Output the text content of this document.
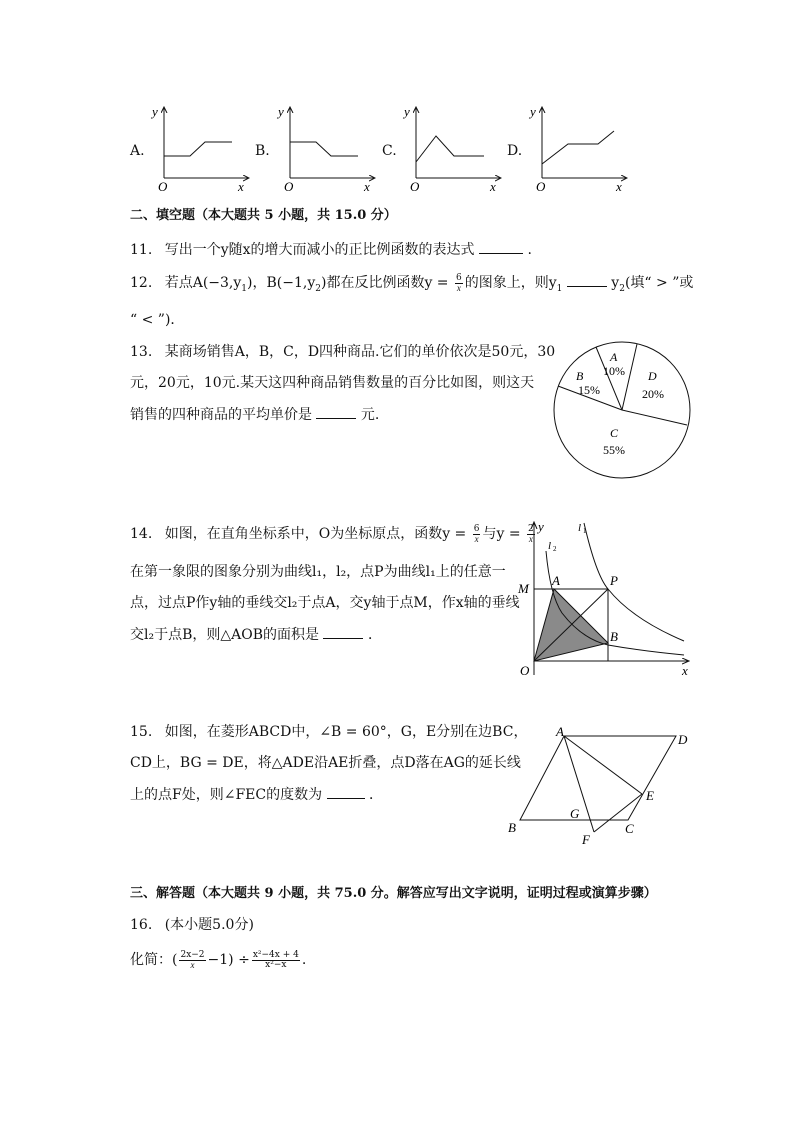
A.	B.	C.	D.
y
x
O
y
x
O
y
x
O
y
x
O
二、填空题（本大题共 5 小题，共 15.0 分）
11. 写出一个y随x的增大而减小的正比例函数的表达式	.
12. 若点$A(-3,y_1)$，$B(-1,y_2)$都在反比例函数$y = \frac{6}{x}$ 的图象上，则$y_1$	$y_2$(填“ > ”或
“ < ”)．
13. 某商场销售A，B，C，D四种商品.它们的单价依次是50元，30
元，20元，10元.某天这四种商品销售数量的百分比如图，则这天
销售的四种商品的平均单价是	元.
A
10% D
20%
C
55%
B
15%
14. 如图，在直角坐标系中，O为坐标原点，函数$y = \frac{6}{x}$ 与$y = \frac{2}{x}$
在第一象限的图象分别为曲线l₁，l₂，点P为曲线l₁上的任意一
点，过点P作y轴的垂线交l₂于点A，交y轴于点M，作x轴的垂线
交l₂于点B，则△AOB的面积是	．
y
x
O
M
A	P
B
l 1
l 2
15. 如图，在菱形ABCD中，∠B = 60°，G，E分别在边BC，
CD上，BG = DE，将△ADE沿AE折叠，点D落在AG的延长线
上的点F处，则∠FEC的度数为	．
A
D
E
C
B
G
F
三、解答题（本大题共 9 小题，共 75.0 分。解答应写出文字说明，证明过程或演算步骤）
16. (本小题5.0分)
化简：( $\frac{2x-2}{x} -1) \div \frac{\text{x²−4x + 4}}{\text{x²−x}}$ .
